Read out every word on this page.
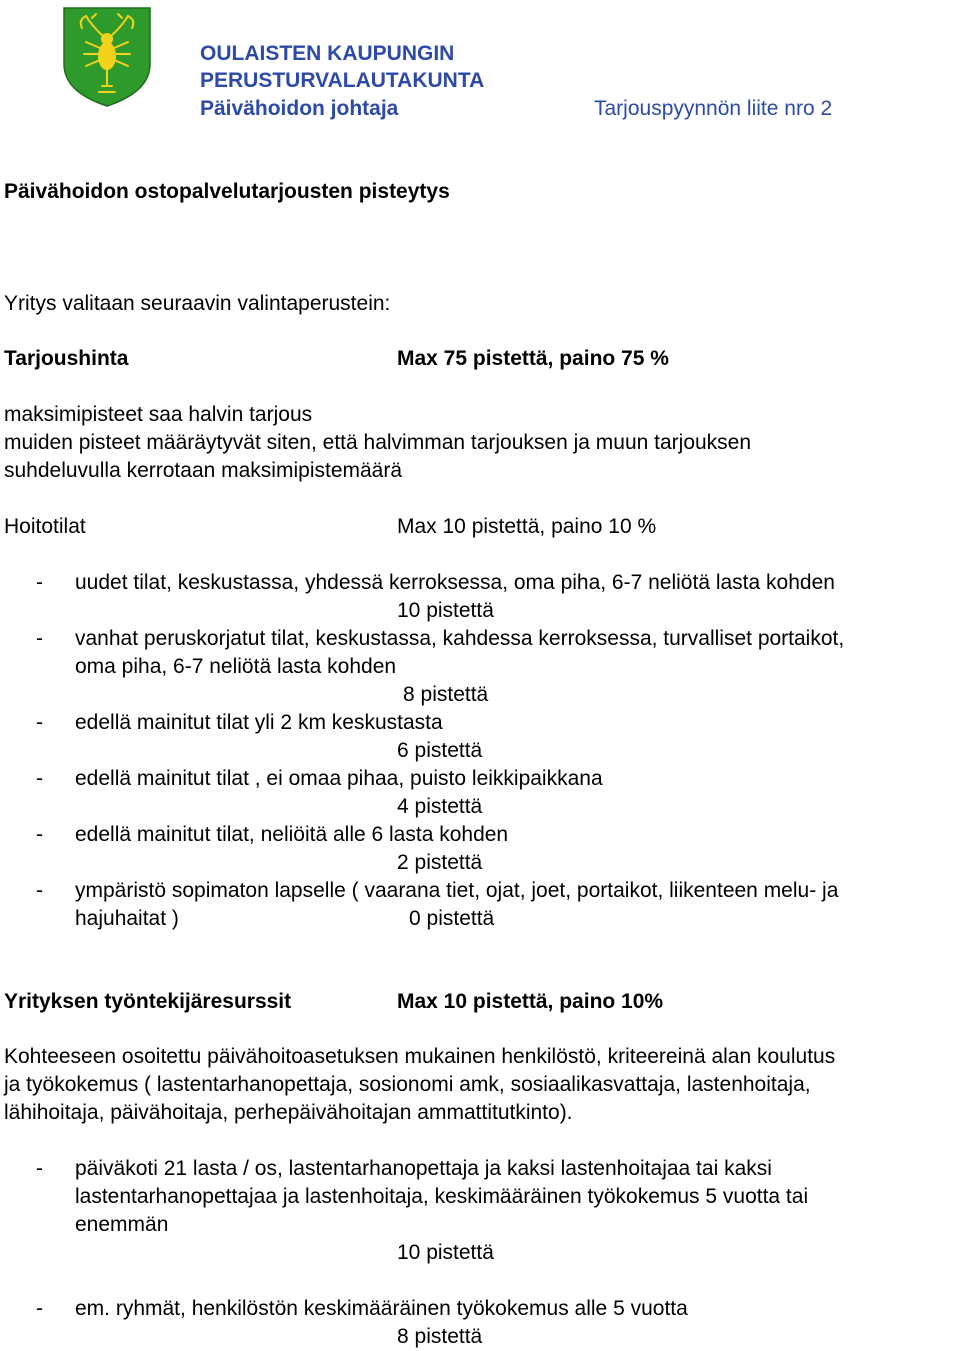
OULAISTEN KAUPUNGIN
PERUSTURVALAUTAKUNTA
Päivähoidon johtaja	Tarjouspyynnön liite nro 2
Päivähoidon ostopalvelutarjousten pisteytys
Yritys valitaan seuraavin valintaperustein:
Tarjoushinta	Max 75 pistettä, paino 75 %
maksimipisteet saa halvin tarjous
muiden pisteet määräytyvät siten, että halvimman tarjouksen ja muun tarjouksen
suhdeluvulla kerrotaan maksimipistemäärä
Hoitotilat	Max 10 pistettä, paino 10 %
- uudet tilat, keskustassa, yhdessä kerroksessa, oma piha, 6-7 neliötä lasta kohden
10 pistettä
- vanhat peruskorjatut tilat, keskustassa, kahdessa kerroksessa, turvalliset portaikot,
oma piha, 6-7 neliötä lasta kohden
8 pistettä
- edellä mainitut tilat yli 2 km keskustasta
6 pistettä
- edellä mainitut tilat , ei omaa pihaa, puisto leikkipaikkana
4 pistettä
- edellä mainitut tilat, neliöitä alle 6 lasta kohden
2 pistettä
- ympäristö sopimaton lapselle ( vaarana tiet, ojat, joet, portaikot, liikenteen melu- ja
hajuhaitat )	0 pistettä
Yrityksen työntekijäresurssit	Max 10 pistettä, paino 10%
Kohteeseen osoitettu päivähoitoasetuksen mukainen henkilöstö, kriteereinä alan koulutus
ja työkokemus ( lastentarhanopettaja, sosionomi amk, sosiaalikasvattaja, lastenhoitaja,
lähihoitaja, päivähoitaja, perhepäivähoitajan ammattitutkinto).
- päiväkoti 21 lasta / os, lastentarhanopettaja ja kaksi lastenhoitajaa tai kaksi
lastentarhanopettajaa ja lastenhoitaja, keskimääräinen työkokemus 5 vuotta tai
enemmän
10 pistettä
- em. ryhmät, henkilöstön keskimääräinen työkokemus alle 5 vuotta
8 pistettä
